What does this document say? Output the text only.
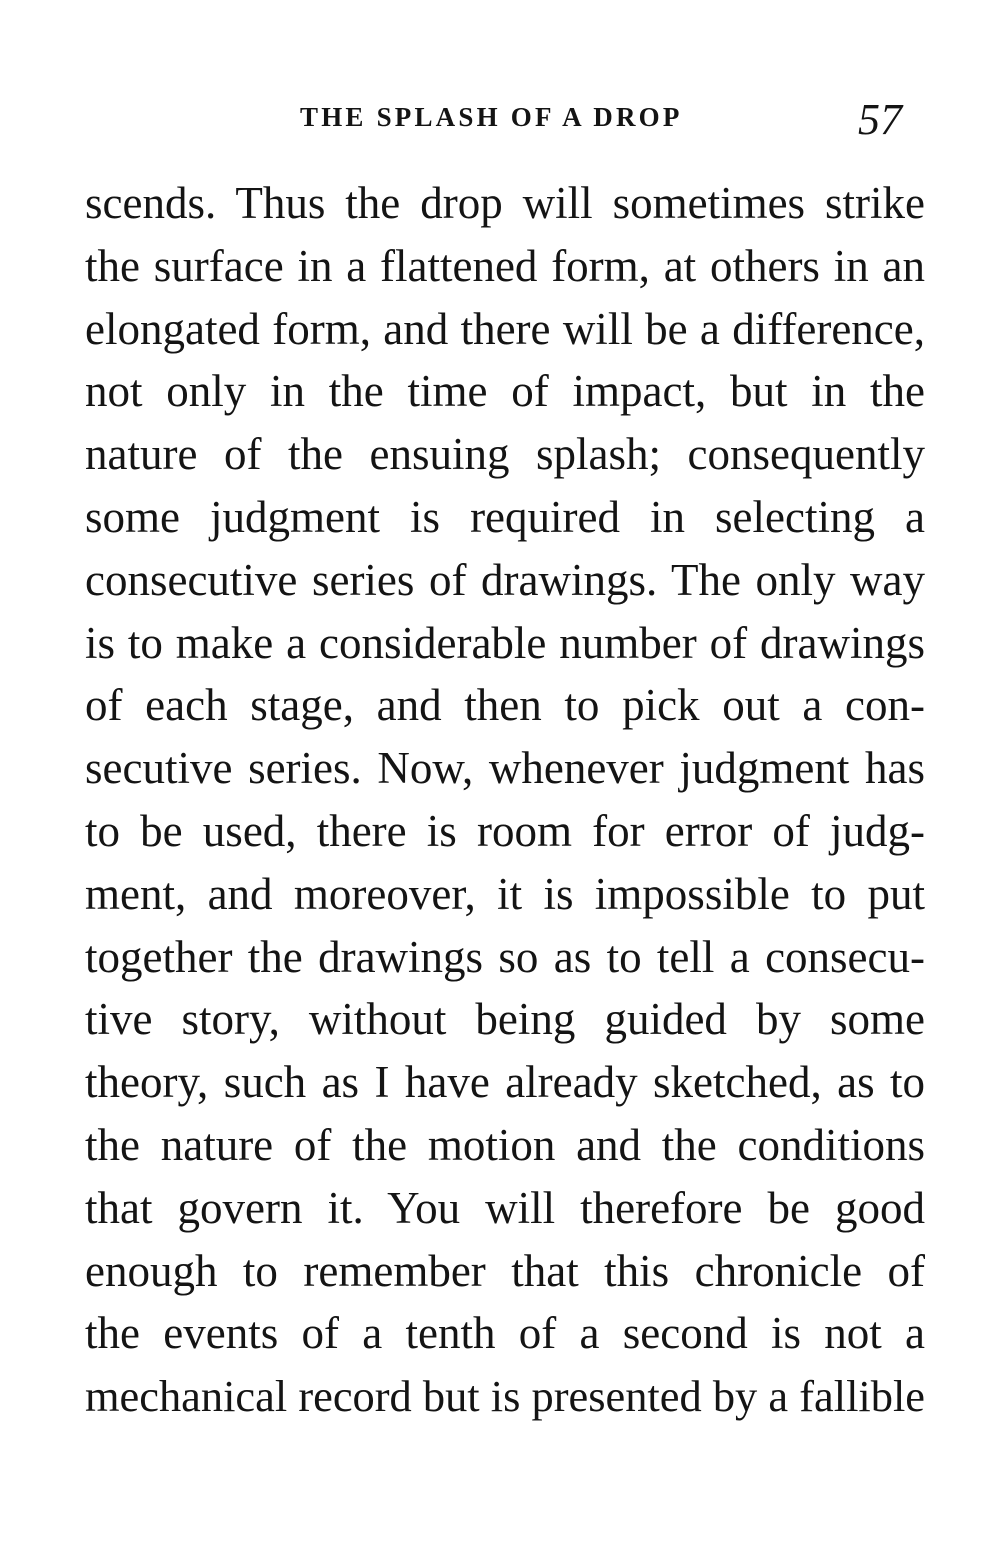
THE SPLASH OF A DROP	57
scends. Thus the drop will sometimes strike
the surface in a flattened form, at others in an
elongated form, and there will be a difference,
not only in the time of impact, but in the
nature of the ensuing splash; consequently
some judgment is required in selecting a
consecutive series of drawings. The only way
is to make a considerable number of drawings
of each stage, and then to pick out a con-
secutive series. Now, whenever judgment has
to be used, there is room for error of judg-
ment, and moreover, it is impossible to put
together the drawings so as to tell a consecu-
tive story, without being guided by some
theory, such as I have already sketched, as to
the nature of the motion and the conditions
that govern it. You will therefore be good
enough to remember that this chronicle of
the events of a tenth of a second is not a
mechanical record but is presented by a fallible
